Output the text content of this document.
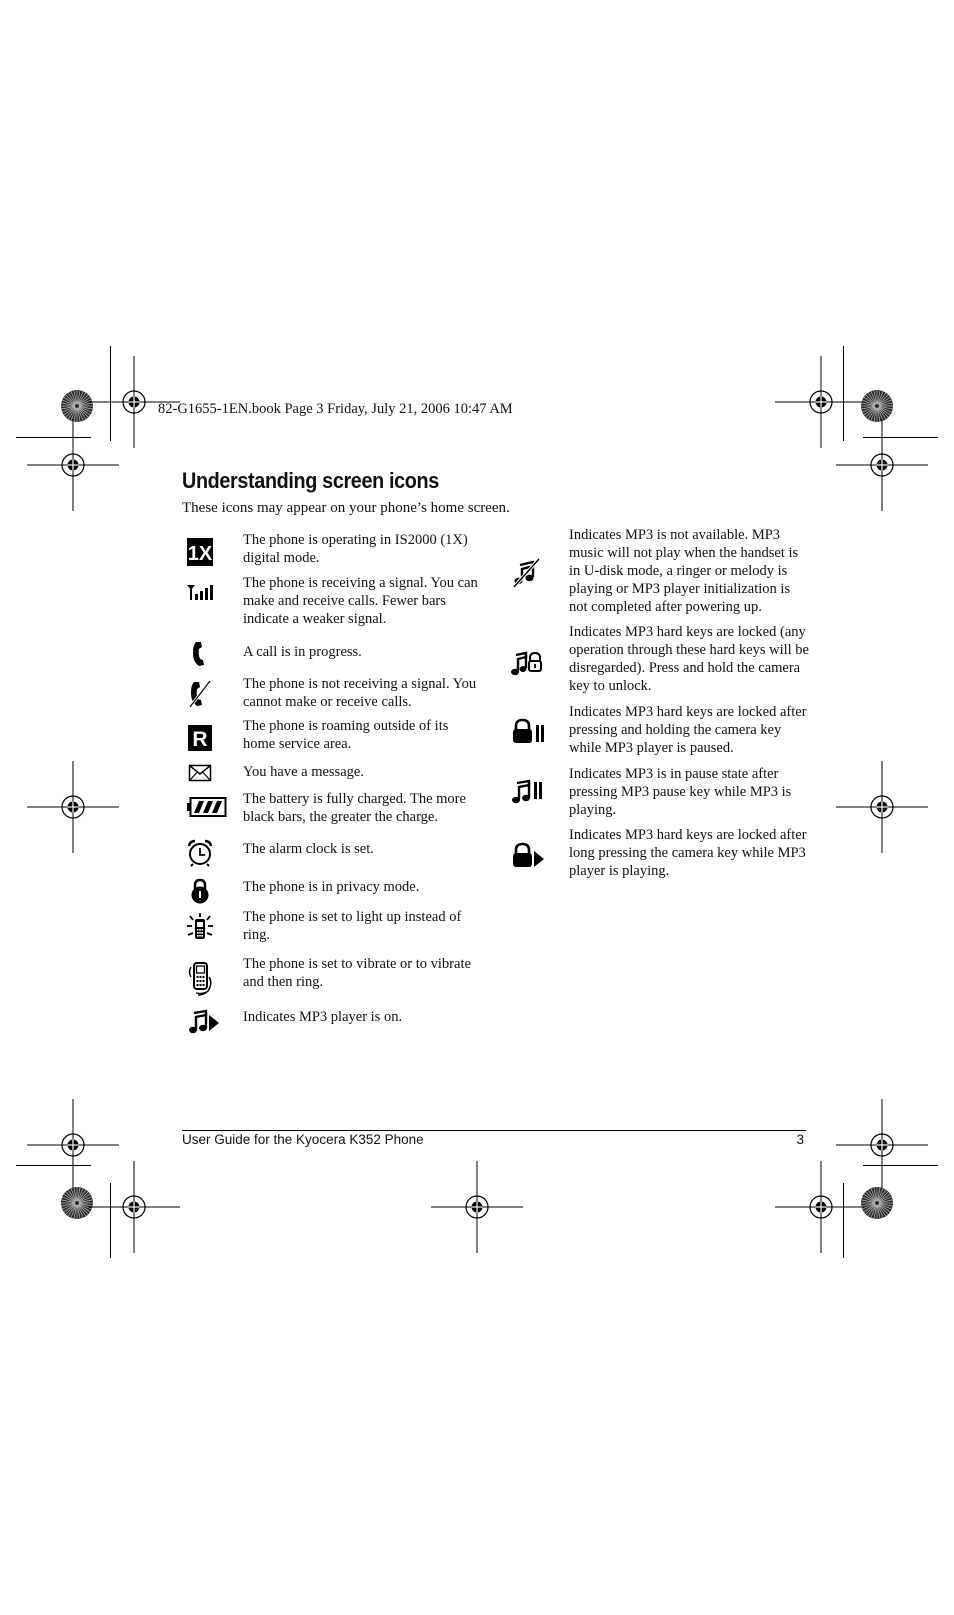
82-G1655-1EN.book Page 3 Friday, July 21, 2006 10:47 AM
Understanding screen icons
These icons may appear on your phone’s home screen.
1X
The phone is operating in IS2000 (1X) digital mode.
The phone is receiving a signal. You can make and receive calls. Fewer bars indicate a weaker signal.
A call is in progress.
The phone is not receiving a signal. You cannot make or receive calls.
R
The phone is roaming outside of its home service area.
You have a message.
The battery is fully charged. The more black bars, the greater the charge.
The alarm clock is set.
The phone is in privacy mode.
The phone is set to light up instead of ring.
The phone is set to vibrate or to vibrate and then ring.
Indicates MP3 player is on.
Indicates MP3 is not available. MP3 music will not play when the handset is in U-disk mode, a ringer or melody is playing or MP3 player initialization is not completed after powering up.
Indicates MP3 hard keys are locked (any operation through these hard keys will be disregarded). Press and hold the camera key to unlock.
Indicates MP3 hard keys are locked after pressing and holding the camera key while MP3 player is paused.
Indicates MP3 is in pause state after pressing MP3 pause key while MP3 is playing.
Indicates MP3 hard keys are locked after long pressing the camera key while MP3 player is playing.
User Guide for the Kyocera K352 Phone	3
